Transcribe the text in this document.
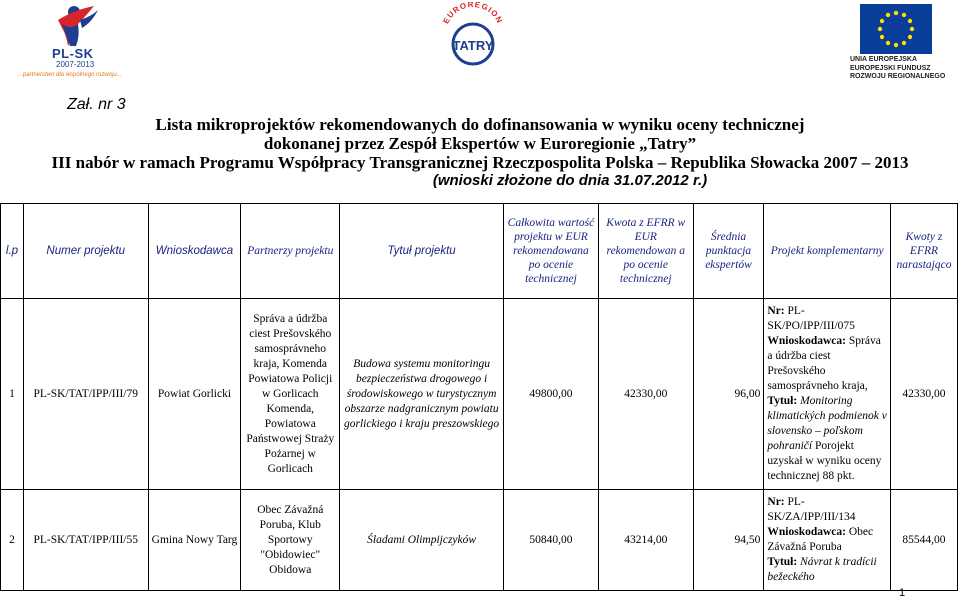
PL-SK
2007-2013
...partnerstwo dla wspólnego rozwoju...
EUROREGION
TATRY
UNIA EUROPEJSKA
EUROPEJSKI FUNDUSZ
ROZWOJU REGIONALNEGO
Zał. nr 3
Lista mikroprojektów rekomendowanych do dofinansowania w wyniku oceny technicznej
dokonanej przez Zespół Ekspertów w Euroregionie „Tatry”
III nabór w ramach Programu Współpracy Transgranicznej Rzeczpospolita Polska – Republika Słowacka 2007 – 2013
(wnioski złożone do dnia 31.07.2012 r.)
l.p	Numer projektu	Wnioskodawca	Partnerzy projektu	Tytuł projektu	Całkowita wartość projektu w EUR rekomendowana po ocenie technicznej	Kwota z EFRR w EUR rekomendowan a po ocenie technicznej	Średnia punktacja ekspertów	Projekt komplementarny	Kwoty z EFRR narastająco
1	PL-SK/TAT/IPP/III/79	Powiat Gorlicki	Správa a údržba ciest Prešovského samosprávneho kraja, Komenda Powiatowa Policji w Gorlicach Komenda, Powiatowa Państwowej Straży Pożarnej w Gorlicach	Budowa systemu monitoringu bezpieczeństwa drogowego i środowiskowego w turystycznym obszarze nadgranicznym powiatu gorlickiego i kraju preszowskiego	49800,00	42330,00	96,00	Nr: PL-SK/PO/IPP/III/075
Wnioskodawca: Správa a údržba ciest Prešovského samosprávneho kraja,
Tytuł: Monitoring klimatických podmienok v slovensko – poľskom pohraničí Porojekt uzyskał w wyniku oceny technicznej 88 pkt.	42330,00
2	PL-SK/TAT/IPP/III/55	Gmina Nowy Targ	Obec Závažná Poruba, Klub Sportowy "Obidowiec" Obidowa	Śladami Olimpijczyków	50840,00	43214,00	94,50	Nr: PL-SK/ZA/IPP/III/134
Wnioskodawca: Obec Závažná Poruba
Tytuł: Návrat k tradícii bežeckého	85544,00
1
